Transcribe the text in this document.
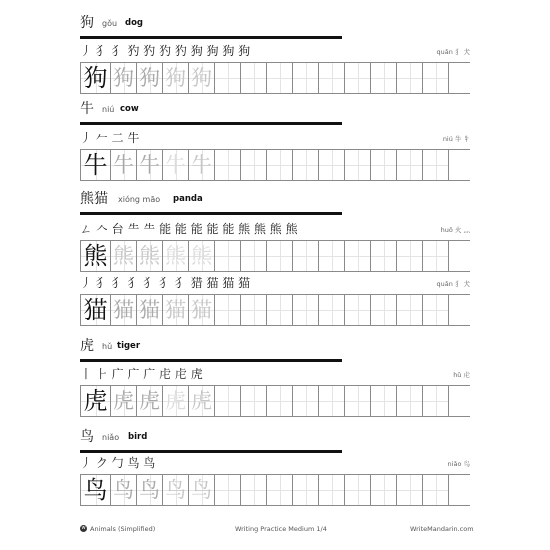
狗 gǒu dog
丿 犭 犭 犳 犳 犳 犳 狗 狗 狗 狗	quǎn 犭 犬
狗 狗 狗 狗 狗
牛 niú cow
丿 𠂉 二 牛	niú 牛 牜
牛 牛 牛 牛 牛
熊猫 xióng māo panda
ㄥ 𠆢 台 ⺧ ⺧ 能 能 能 能 能 熊 熊 熊 熊	huǒ 火 灬
熊 熊 熊 熊 熊
丿 犭 犭 犭 犭 犭 犭 猎 猫 猫 猫	quǎn 犭 犬
猫 猫 猫 猫 猫
虎 hǔ tiger
丨 ⺊ 广 广 广 虍 虍 虎	hǔ 虍
虎 虎 虎 虎 虎
鸟 niǎo bird
丿 ク 勹 鸟 鸟	niǎo 鸟
鸟 鸟 鸟 鸟 鸟
w Animals (Simplified)	Writing Practice Medium 1/4	WriteMandarin.com
